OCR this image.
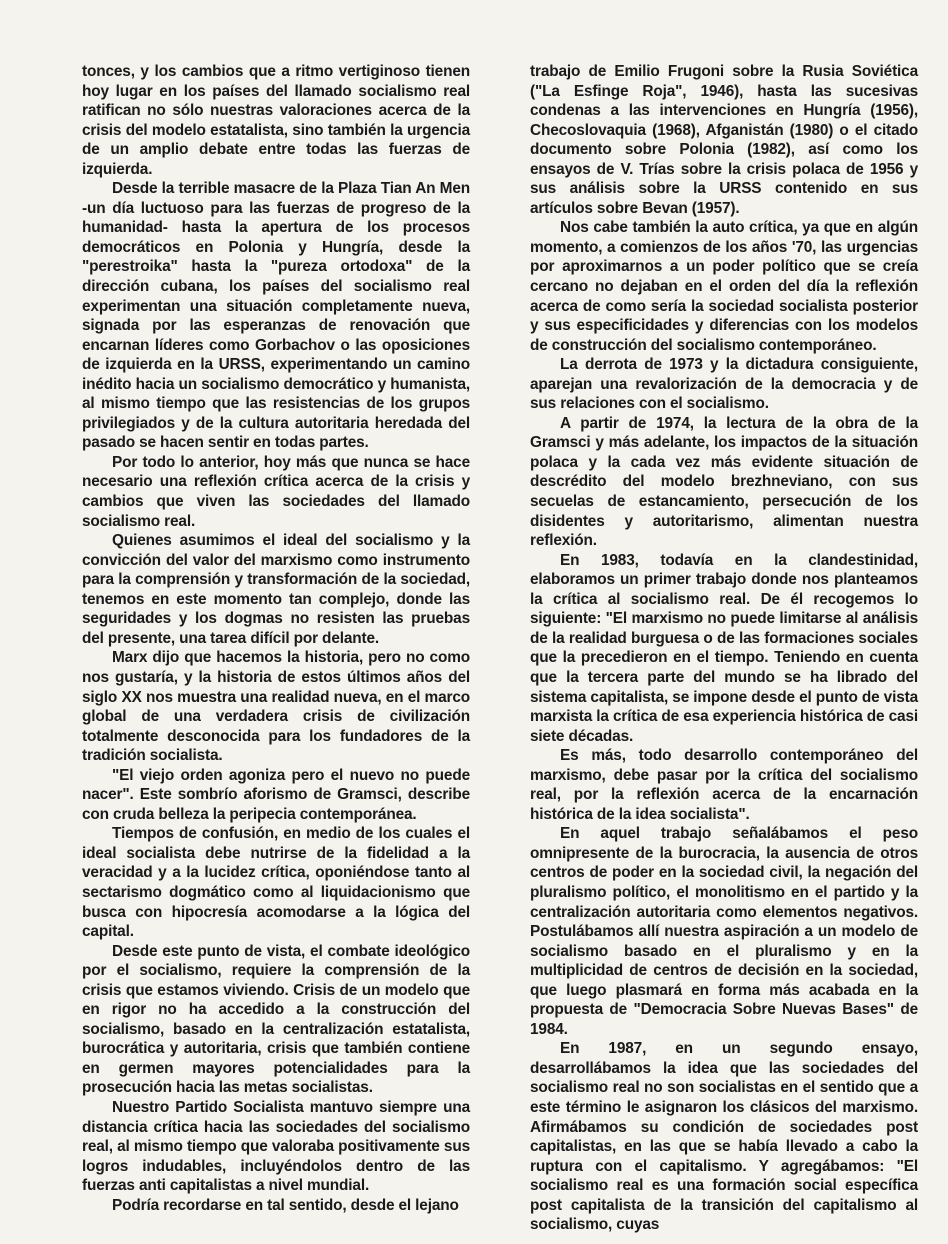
tonces, y los cambios que a ritmo vertiginoso tienen hoy lugar en los países del llamado socialismo real ratifican no sólo nuestras valoraciones acerca de la crisis del modelo estatalista, sino también la urgencia de un amplio debate entre todas las fuerzas de izquierda.

Desde la terrible masacre de la Plaza Tian An Men -un día luctuoso para las fuerzas de progreso de la humanidad- hasta la apertura de los procesos democráticos en Polonia y Hungría, desde la "perestroika" hasta la "pureza ortodoxa" de la dirección cubana, los países del socialismo real experimentan una situación completamente nueva, signada por las esperanzas de renovación que encarnan líderes como Gorbachov o las oposiciones de izquierda en la URSS, experimentando un camino inédito hacia un socialismo democrático y humanista, al mismo tiempo que las resistencias de los grupos privilegiados y de la cultura autoritaria heredada del pasado se hacen sentir en todas partes.

Por todo lo anterior, hoy más que nunca se hace necesario una reflexión crítica acerca de la crisis y cambios que viven las sociedades del llamado socialismo real.

Quienes asumimos el ideal del socialismo y la convicción del valor del marxismo como instrumento para la comprensión y transformación de la sociedad, tenemos en este momento tan complejo, donde las seguridades y los dogmas no resisten las pruebas del presente, una tarea difícil por delante.

Marx dijo que hacemos la historia, pero no como nos gustaría, y la historia de estos últimos años del siglo XX nos muestra una realidad nueva, en el marco global de una verdadera crisis de civilización totalmente desconocida para los fundadores de la tradición socialista.

"El viejo orden agoniza pero el nuevo no puede nacer". Este sombrío aforismo de Gramsci, describe con cruda belleza la peripecia contemporánea.

Tiempos de confusión, en medio de los cuales el ideal socialista debe nutrirse de la fidelidad a la veracidad y a la lucidez crítica, oponiéndose tanto al sectarismo dogmático como al liquidacionismo que busca con hipocresía acomodarse a la lógica del capital.

Desde este punto de vista, el combate ideológico por el socialismo, requiere la comprensión de la crisis que estamos viviendo. Crisis de un modelo que en rigor no ha accedido a la construcción del socialismo, basado en la centralización estatalista, burocrática y autoritaria, crisis que también contiene en germen mayores potencialidades para la prosecución hacia las metas socialistas.

Nuestro Partido Socialista mantuvo siempre una distancia crítica hacia las sociedades del socialismo real, al mismo tiempo que valoraba positivamente sus logros indudables, incluyéndolos dentro de las fuerzas anti capitalistas a nivel mundial.

Podría recordarse en tal sentido, desde el lejano

trabajo de Emilio Frugoni sobre la Rusia Soviética ("La Esfinge Roja", 1946), hasta las sucesivas condenas a las intervenciones en Hungría (1956), Checoslovaquia (1968), Afganistán (1980) o el citado documento sobre Polonia (1982), así como los ensayos de V. Trías sobre la crisis polaca de 1956 y sus análisis sobre la URSS contenido en sus artículos sobre Bevan (1957).

Nos cabe también la auto crítica, ya que en algún momento, a comienzos de los años '70, las urgencias por aproximarnos a un poder político que se creía cercano no dejaban en el orden del día la reflexión acerca de como sería la sociedad socialista posterior y sus especificidades y diferencias con los modelos de construcción del socialismo contemporáneo.

La derrota de 1973 y la dictadura consiguiente, aparejan una revalorización de la democracia y de sus relaciones con el socialismo.

A partir de 1974, la lectura de la obra de la Gramsci y más adelante, los impactos de la situación polaca y la cada vez más evidente situación de descrédito del modelo brezhneviano, con sus secuelas de estancamiento, persecución de los disidentes y autoritarismo, alimentan nuestra reflexión.

En 1983, todavía en la clandestinidad, elaboramos un primer trabajo donde nos planteamos la crítica al socialismo real. De él recogemos lo siguiente: "El marxismo no puede limitarse al análisis de la realidad burguesa o de las formaciones sociales que la precedieron en el tiempo. Teniendo en cuenta que la tercera parte del mundo se ha librado del sistema capitalista, se impone desde el punto de vista marxista la crítica de esa experiencia histórica de casi siete décadas.

Es más, todo desarrollo contemporáneo del marxismo, debe pasar por la crítica del socialismo real, por la reflexión acerca de la encarnación histórica de la idea socialista".

En aquel trabajo señalábamos el peso omnipresente de la burocracia, la ausencia de otros centros de poder en la sociedad civil, la negación del pluralismo político, el monolitismo en el partido y la centralización autoritaria como elementos negativos. Postulábamos allí nuestra aspiración a un modelo de socialismo basado en el pluralismo y en la multiplicidad de centros de decisión en la sociedad, que luego plasmará en forma más acabada en la propuesta de "Democracia Sobre Nuevas Bases" de 1984.

En 1987, en un segundo ensayo, desarrollábamos la idea que las sociedades del socialismo real no son socialistas en el sentido que a este término le asignaron los clásicos del marxismo. Afirmábamos su condición de sociedades post capitalistas, en las que se había llevado a cabo la ruptura con el capitalismo. Y agregábamos: "El socialismo real es una formación social específica post capitalista de la transición del capitalismo al socialismo, cuyas
